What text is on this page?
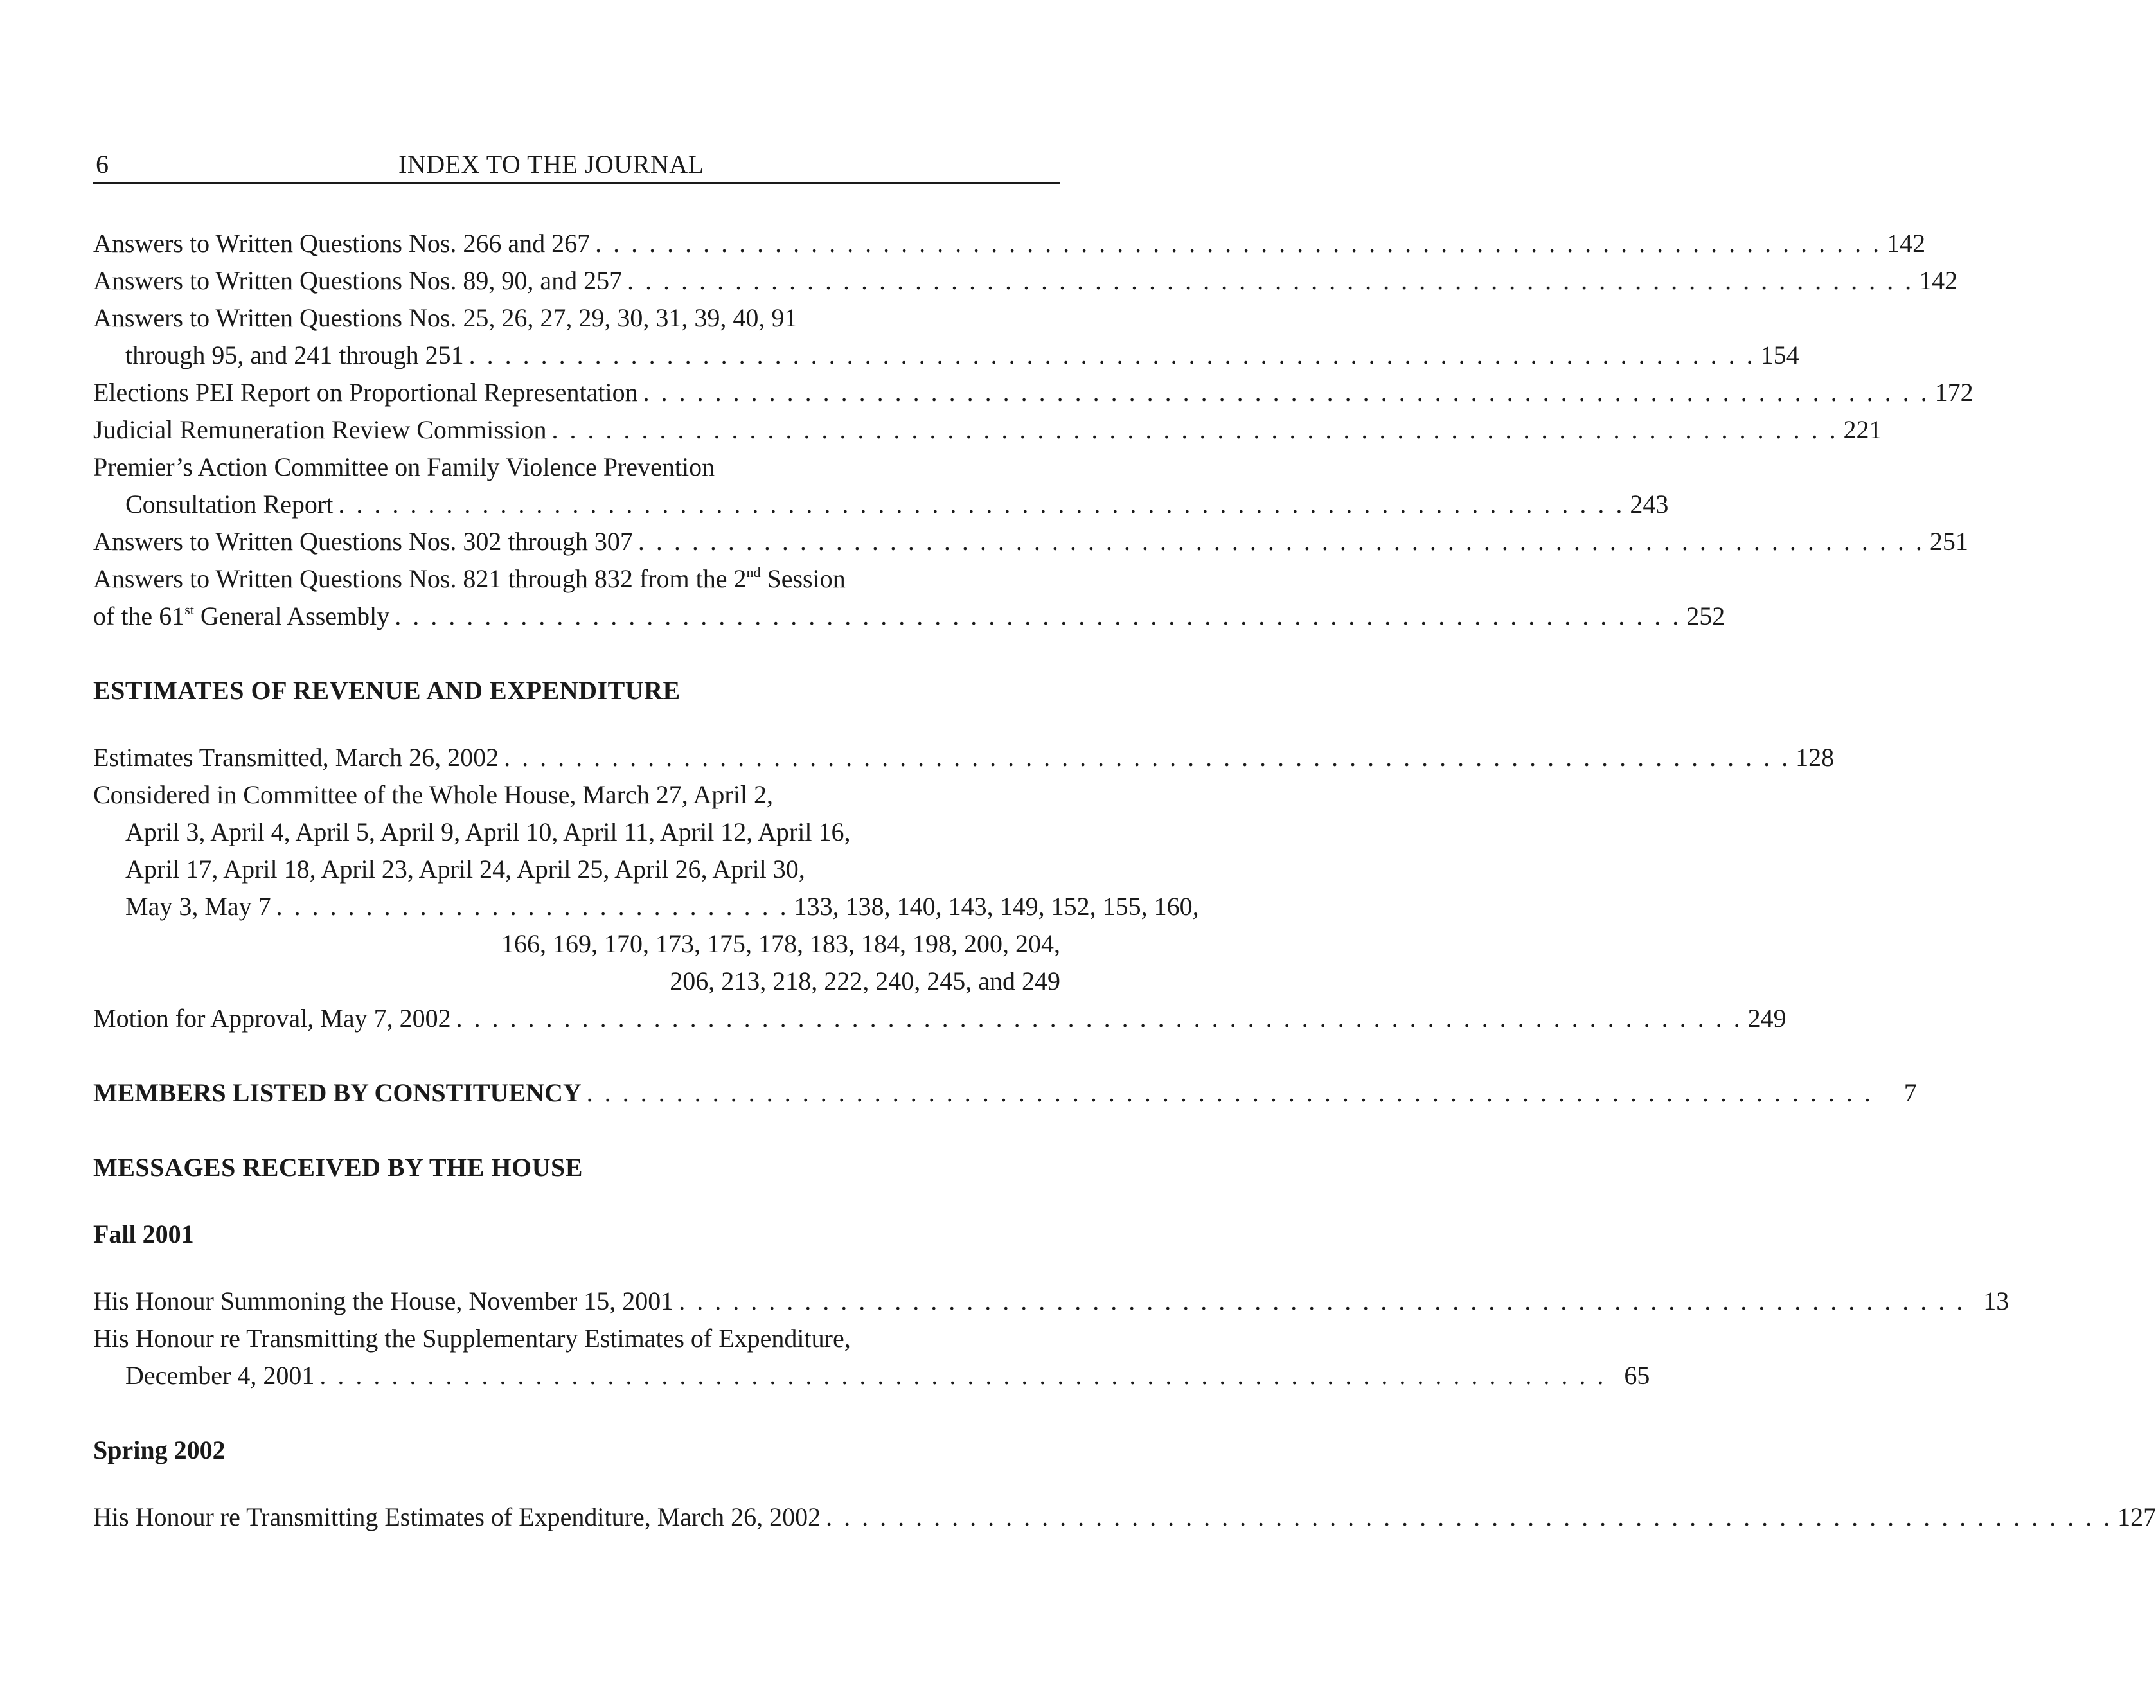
6	INDEX TO THE JOURNAL
Answers to Written Questions Nos. 266 and 267 . . . . . . . . . . . . . . . . . . . . . . . . . . . . . . . . . . . . . . . . . . . . . . . . . . . . . . . . . . . . . . . . . . . . . . . . 142
Answers to Written Questions Nos. 89, 90, and 257 . . . . . . . . . . . . . . . . . . . . . . . . . . . . . . . . . . . . . . . . . . . . . . . . . . . . . . . . . . . . . . . . . . . . . . . . 142
Answers to Written Questions Nos. 25, 26, 27, 29, 30, 31, 39, 40, 91
through 95, and 241 through 251 . . . . . . . . . . . . . . . . . . . . . . . . . . . . . . . . . . . . . . . . . . . . . . . . . . . . . . . . . . . . . . . . . . . . . . . . 154
Elections PEI Report on Proportional Representation . . . . . . . . . . . . . . . . . . . . . . . . . . . . . . . . . . . . . . . . . . . . . . . . . . . . . . . . . . . . . . . . . . . . . . . . 172
Judicial Remuneration Review Commission . . . . . . . . . . . . . . . . . . . . . . . . . . . . . . . . . . . . . . . . . . . . . . . . . . . . . . . . . . . . . . . . . . . . . . . . 221
Premier’s Action Committee on Family Violence Prevention
Consultation Report . . . . . . . . . . . . . . . . . . . . . . . . . . . . . . . . . . . . . . . . . . . . . . . . . . . . . . . . . . . . . . . . . . . . . . . . 243
Answers to Written Questions Nos. 302 through 307 . . . . . . . . . . . . . . . . . . . . . . . . . . . . . . . . . . . . . . . . . . . . . . . . . . . . . . . . . . . . . . . . . . . . . . . . 251
Answers to Written Questions Nos. 821 through 832 from the 2nd Session
of the 61st General Assembly . . . . . . . . . . . . . . . . . . . . . . . . . . . . . . . . . . . . . . . . . . . . . . . . . . . . . . . . . . . . . . . . . . . . . . . . 252
ESTIMATES OF REVENUE AND EXPENDITURE
Estimates Transmitted, March 26, 2002 . . . . . . . . . . . . . . . . . . . . . . . . . . . . . . . . . . . . . . . . . . . . . . . . . . . . . . . . . . . . . . . . . . . . . . . . 128
Considered in Committee of the Whole House, March 27, April 2,
April 3, April 4, April 5, April 9, April 10, April 11, April 12, April 16,
April 17, April 18, April 23, April 24, April 25, April 26, April 30,
May 3, May 7 . . . . . . . . . . . . . . . . . . . . . . . . . . . . . 133, 138, 140, 143, 149, 152, 155, 160,
166, 169, 170, 173, 175, 178, 183, 184, 198, 200, 204,
206, 213, 218, 222, 240, 245, and 249
Motion for Approval, May 7, 2002 . . . . . . . . . . . . . . . . . . . . . . . . . . . . . . . . . . . . . . . . . . . . . . . . . . . . . . . . . . . . . . . . . . . . . . . . 249
MEMBERS LISTED BY CONSTITUENCY . . . . . . . . . . . . . . . . . . . . . . . . . . . . . . . . . . . . . . . . . . . . . . . . . . . . . . . . . . . . . . . . . . . . . . . .	7
MESSAGES RECEIVED BY THE HOUSE
Fall 2001
His Honour Summoning the House, November 15, 2001 . . . . . . . . . . . . . . . . . . . . . . . . . . . . . . . . . . . . . . . . . . . . . . . . . . . . . . . . . . . . . . . . . . . . . . . . 13
His Honour re Transmitting the Supplementary Estimates of Expenditure,
December 4, 2001 . . . . . . . . . . . . . . . . . . . . . . . . . . . . . . . . . . . . . . . . . . . . . . . . . . . . . . . . . . . . . . . . . . . . . . . . 65
Spring 2002
His Honour re Transmitting Estimates of Expenditure, March 26, 2002 . . . . . . . . . . . . . . . . . . . . . . . . . . . . . . . . . . . . . . . . . . . . . . . . . . . . . . . . . . . . . . . . . . . . . . . . 127
